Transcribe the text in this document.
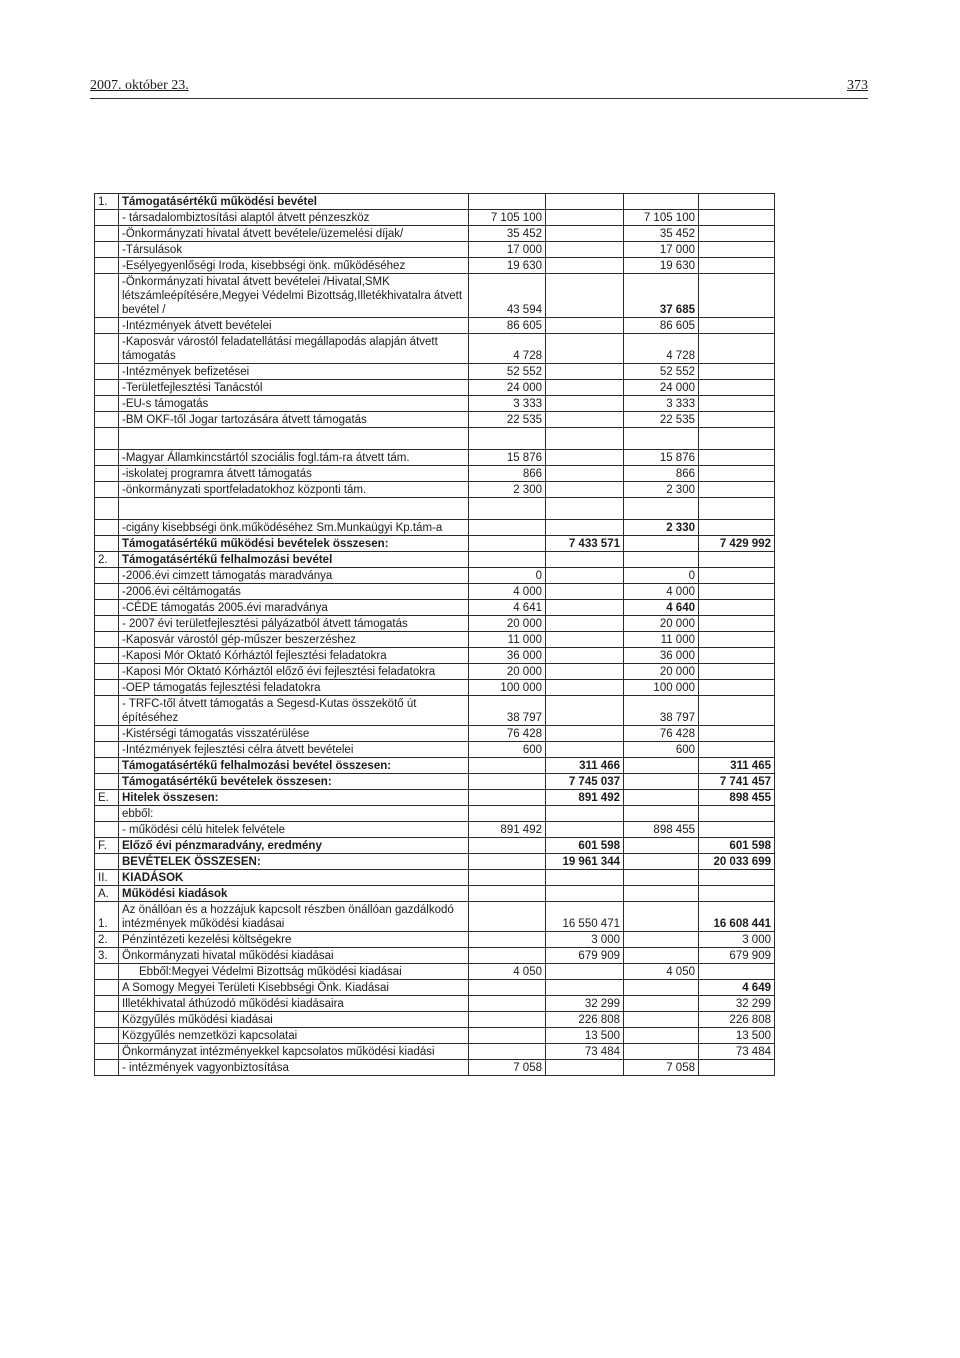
2007. október 23.	373
1.	Támogatásértékű működési bevétel				
	- társadalombiztosítási alaptól átvett pénzeszköz	7 105 100		7 105 100	
	-Önkormányzati hivatal átvett bevétele/üzemelési díjak/	35 452		35 452	
	-Társulások	17 000		17 000	
	-Esélyegyenlőségi Iroda, kisebbségi önk. működéséhez	19 630		19 630	
	-Önkormányzati hivatal átvett bevételei /Hivatal,SMK létszámleépítésére,Megyei Védelmi Bizottság,Illetékhivatalra átvett bevétel /	43 594		37 685	
	-Intézmények átvett bevételei	86 605		86 605	
	-Kaposvár várostól feladatellátási megállapodás alapján átvett támogatás	4 728		4 728	
	-Intézmények befizetései	52 552		52 552	
	-Területfejlesztési Tanácstól	24 000		24 000	
	-EU-s támogatás	3 333		3 333	
	-BM OKF-től Jogar tartozására átvett támogatás	22 535		22 535	

	-Magyar Államkincstártól szociális fogl.tám-ra átvett tám.	15 876		15 876	
	-iskolatej programra átvett támogatás	866		866	
	-önkormányzati sportfeladatokhoz központi tám.	2 300		2 300	

	-cigány kisebbségi önk.működéséhez Sm.Munkaügyi Kp.tám-a			2 330	
	Támogatásértékű működési bevételek összesen:		7 433 571		7 429 992
2.	Támogatásértékű felhalmozási bevétel				
	-2006.évi cimzett támogatás maradványa	0		0	
	-2006.évi céltámogatás	4 000		4 000	
	-CÉDE támogatás 2005.évi maradványa	4 641		4 640	
	- 2007 évi területfejlesztési pályázatból átvett támogatás	20 000		20 000	
	-Kaposvár várostól gép-műszer beszerzéshez	11 000		11 000	
	-Kaposi Mór Oktató Kórháztól fejlesztési feladatokra	36 000		36 000	
	-Kaposi Mór Oktató Kórháztól előző évi fejlesztési feladatokra	20 000		20 000	
	-OEP támogatás fejlesztési feladatokra	100 000		100 000	
	- TRFC-től átvett támogatás a Segesd-Kutas összekötő út építéséhez	38 797		38 797	
	-Kistérségi támogatás visszatérülése	76 428		76 428	
	-Intézmények fejlesztési célra átvett bevételei	600		600	
	Támogatásértékű felhalmozási bevétel összesen:		311 466		311 465
	Támogatásértékű bevételek összesen:		7 745 037		7 741 457
E.	Hitelek összesen:		891 492		898 455
	ebből:				
	- működési célú hitelek felvétele	891 492		898 455	
F.	Előző évi pénzmaradvány, eredmény		601 598		601 598
	BEVÉTELEK ÖSSZESEN:		19 961 344		20 033 699
II.	KIADÁSOK				
A.	Működési kiadások				
1.	Az önállóan és a hozzájuk kapcsolt részben önállóan gazdálkodó intézmények működési kiadásai		16 550 471		16 608 441
2.	Pénzintézeti kezelési költségekre		3 000		3 000
3.	Önkormányzati hivatal működési kiadásai		679 909		679 909
	Ebből:Megyei Védelmi Bizottság működési kiadásai	4 050		4 050	
	A Somogy Megyei Területi Kisebbségi Önk. Kiadásai				4 649
	Illetékhivatal áthúzodó működési kiadásaira		32 299		32 299
	Közgyűlés működési kiadásai		226 808		226 808
	Közgyűlés nemzetközi kapcsolatai		13 500		13 500
	Önkormányzat intézményekkel kapcsolatos működési kiadási		73 484		73 484
	- intézmények vagyonbiztosítása	7 058		7 058	
